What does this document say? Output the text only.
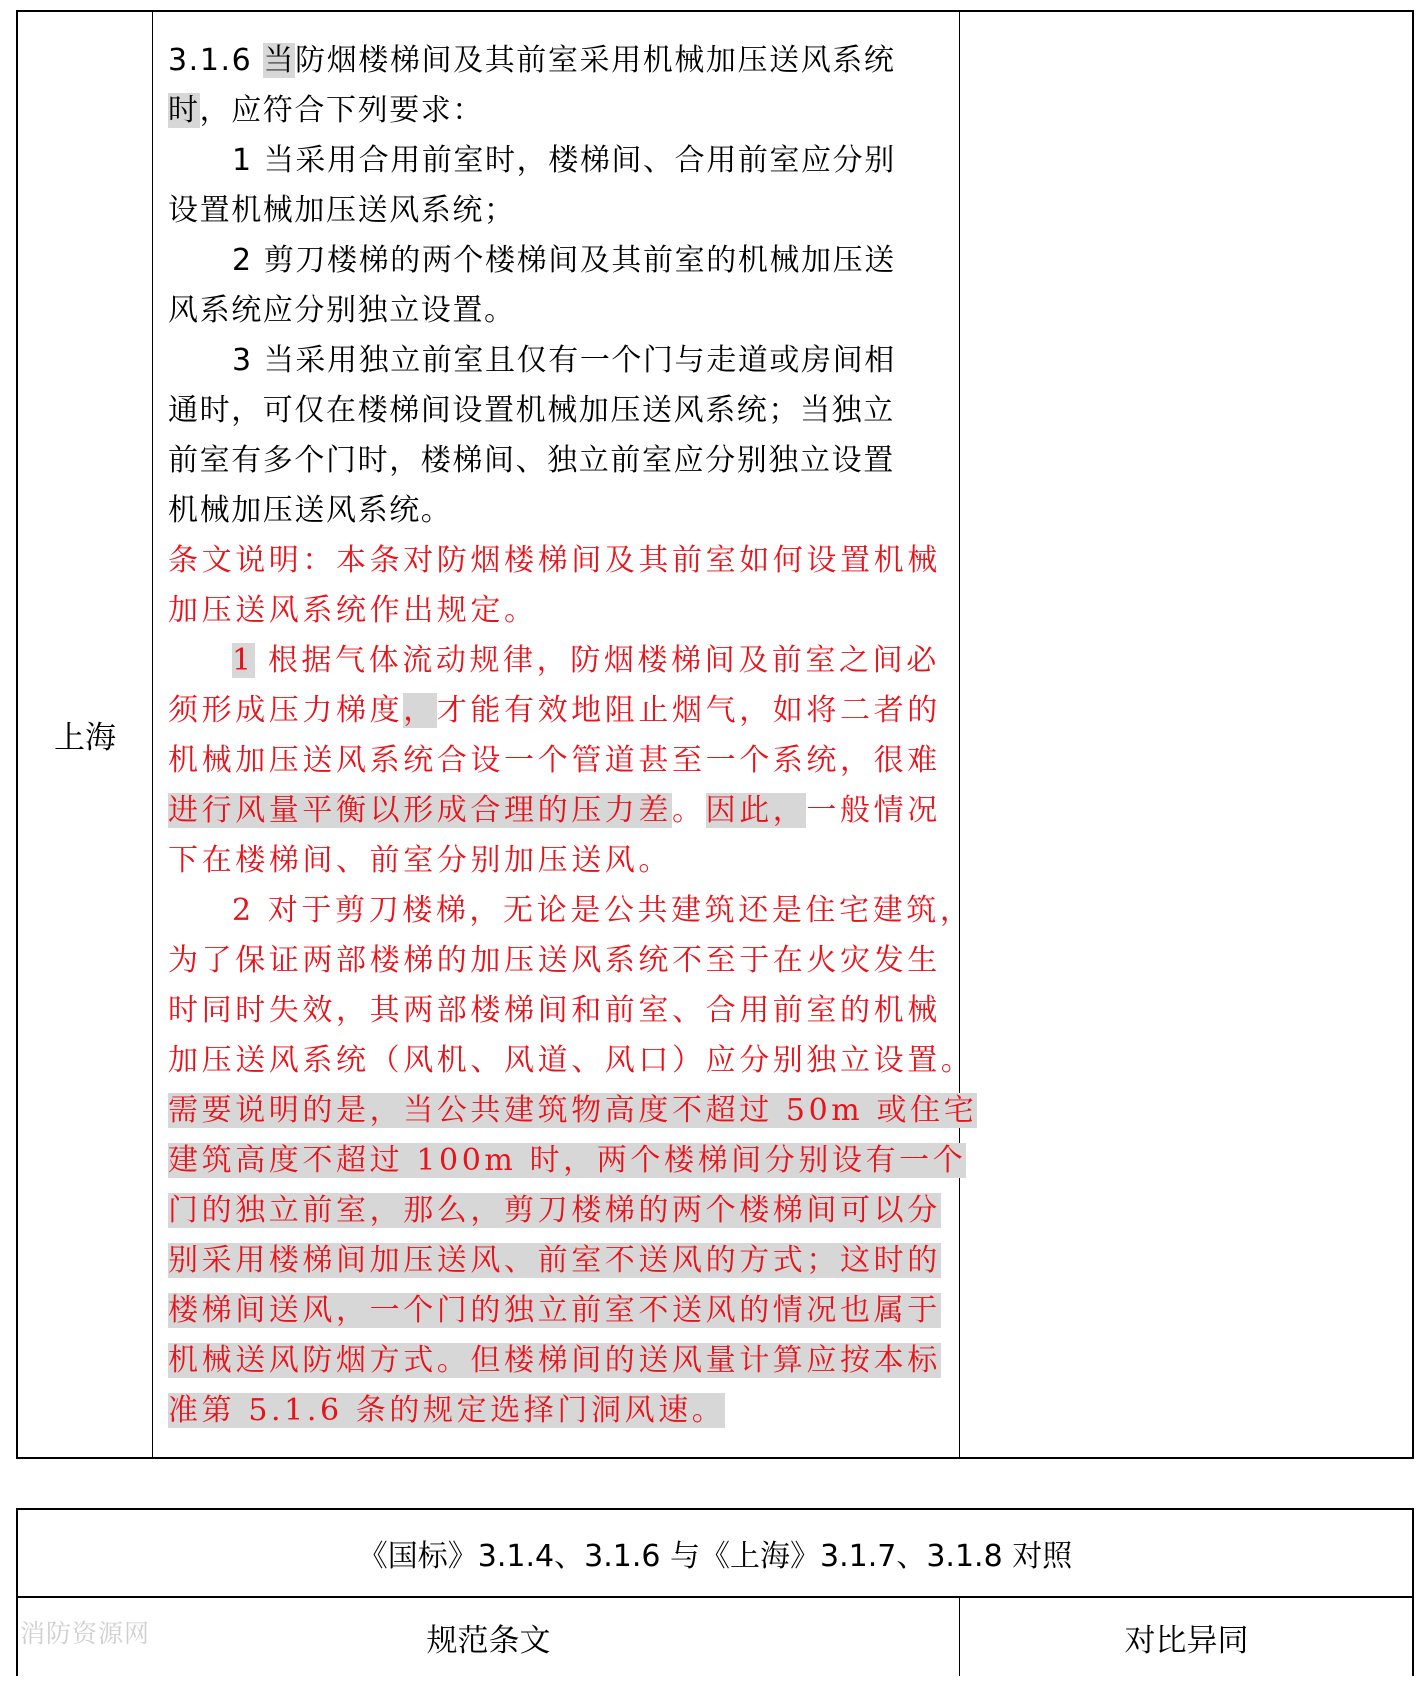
上海
3.1.6 当防烟楼梯间及其前室采用机械加压送风系统
时，应符合下列要求：
1 当采用合用前室时，楼梯间、合用前室应分别
设置机械加压送风系统；
2 剪刀楼梯的两个楼梯间及其前室的机械加压送
风系统应分别独立设置。
3 当采用独立前室且仅有一个门与走道或房间相
通时，可仅在楼梯间设置机械加压送风系统；当独立
前室有多个门时，楼梯间、独立前室应分别独立设置
机械加压送风系统。
条文说明：本条对防烟楼梯间及其前室如何设置机械
加压送风系统作出规定。
1 根据气体流动规律，防烟楼梯间及前室之间必
须形成压力梯度，才能有效地阻止烟气，如将二者的
机械加压送风系统合设一个管道甚至一个系统，很难
进行风量平衡以形成合理的压力差。因此，一般情况
下在楼梯间、前室分别加压送风。
2 对于剪刀楼梯，无论是公共建筑还是住宅建筑，
为了保证两部楼梯的加压送风系统不至于在火灾发生
时同时失效，其两部楼梯间和前室、合用前室的机械
加压送风系统（风机、风道、风口）应分别独立设置。
需要说明的是，当公共建筑物高度不超过 50m 或住宅
建筑高度不超过 100m 时，两个楼梯间分别设有一个
门的独立前室，那么，剪刀楼梯的两个楼梯间可以分
别采用楼梯间加压送风、前室不送风的方式；这时的
楼梯间送风，一个门的独立前室不送风的情况也属于
机械送风防烟方式。但楼梯间的送风量计算应按本标
准第 5.1.6 条的规定选择门洞风速。
《国标》3.1.4、3.1.6 与《上海》3.1.7、3.1.8 对照
规范条文	对比异同
消防资源网
